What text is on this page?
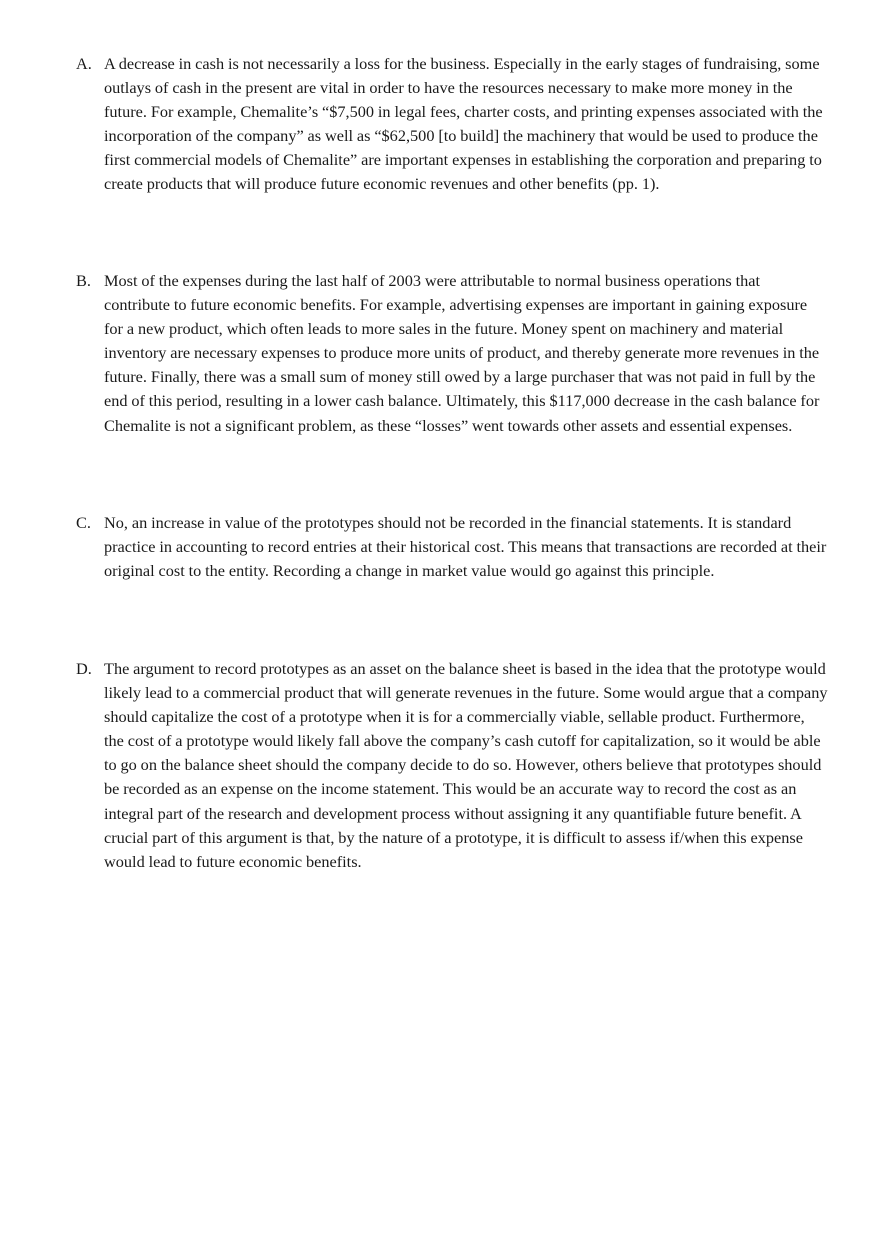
A. A decrease in cash is not necessarily a loss for the business. Especially in the early stages of fundraising, some outlays of cash in the present are vital in order to have the resources necessary to make more money in the future. For example, Chemalite’s “$7,500 in legal fees, charter costs, and printing expenses associated with the incorporation of the company” as well as “$62,500 [to build] the machinery that would be used to produce the first commercial models of Chemalite” are important expenses in establishing the corporation and preparing to create products that will produce future economic revenues and other benefits (pp. 1).

B. Most of the expenses during the last half of 2003 were attributable to normal business operations that contribute to future economic benefits. For example, advertising expenses are important in gaining exposure for a new product, which often leads to more sales in the future. Money spent on machinery and material inventory are necessary expenses to produce more units of product, and thereby generate more revenues in the future. Finally, there was a small sum of money still owed by a large purchaser that was not paid in full by the end of this period, resulting in a lower cash balance. Ultimately, this $117,000 decrease in the cash balance for Chemalite is not a significant problem, as these “losses” went towards other assets and essential expenses.

C. No, an increase in value of the prototypes should not be recorded in the financial statements. It is standard practice in accounting to record entries at their historical cost. This means that transactions are recorded at their original cost to the entity. Recording a change in market value would go against this principle.

D. The argument to record prototypes as an asset on the balance sheet is based in the idea that the prototype would likely lead to a commercial product that will generate revenues in the future. Some would argue that a company should capitalize the cost of a prototype when it is for a commercially viable, sellable product. Furthermore, the cost of a prototype would likely fall above the company’s cash cutoff for capitalization, so it would be able to go on the balance sheet should the company decide to do so. However, others believe that prototypes should be recorded as an expense on the income statement. This would be an accurate way to record the cost as an integral part of the research and development process without assigning it any quantifiable future benefit. A crucial part of this argument is that, by the nature of a prototype, it is difficult to assess if/when this expense would lead to future economic benefits.
